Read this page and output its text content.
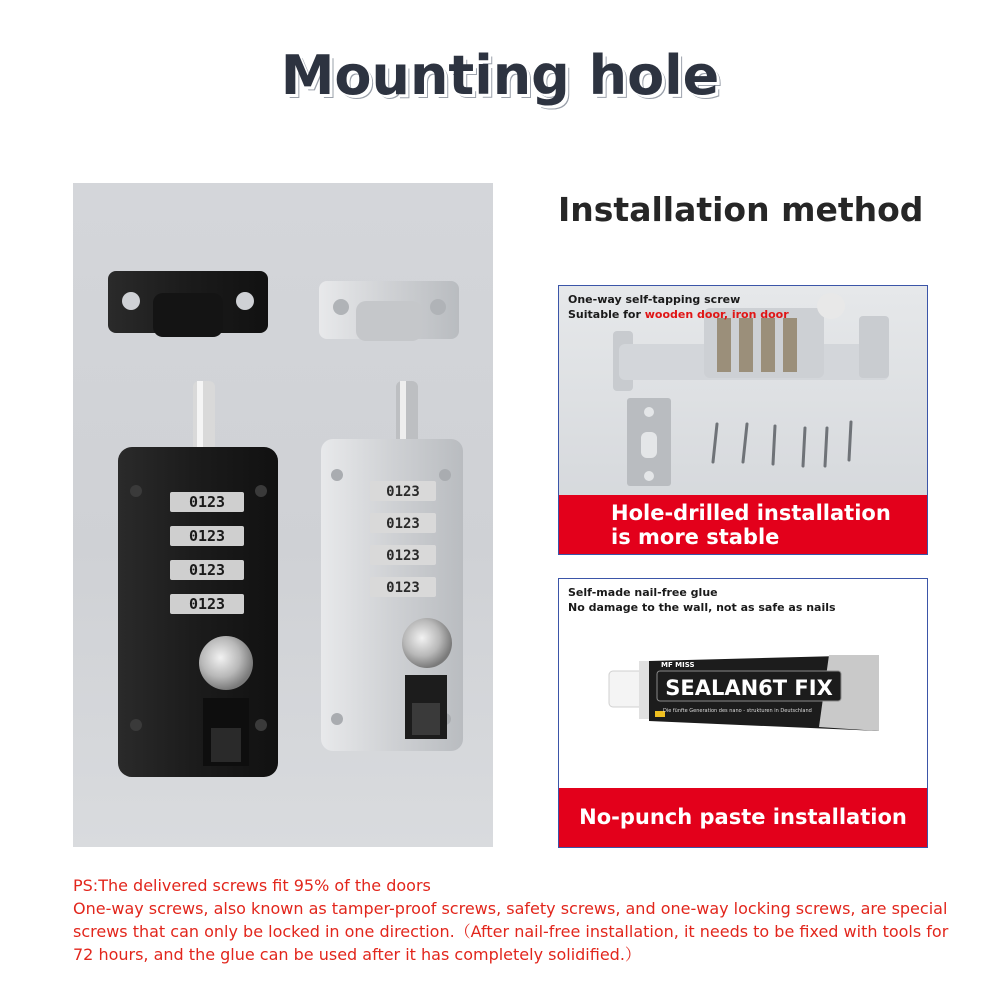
Mounting hole
0123
0123
0123
0123
0123
0123
0123
0123
Installation method
One-way self-tapping screw
Suitable for wooden door, iron door
Hole-drilled installation
is more stable
Self-made nail-free glue
No damage to the wall, not as safe as nails
MF MISS
SEALAN6T FIX
Die fünfte Generation des nano - strukturen in Deutschland
No-punch paste installation
PS:The delivered screws fit 95% of the doors
One-way screws, also known as tamper-proof screws, safety screws, and one-way locking screws, are special screws that can only be locked in one direction.（After nail-free installation, it needs to be fixed with tools for 72 hours, and the glue can be used after it has completely solidified.）
